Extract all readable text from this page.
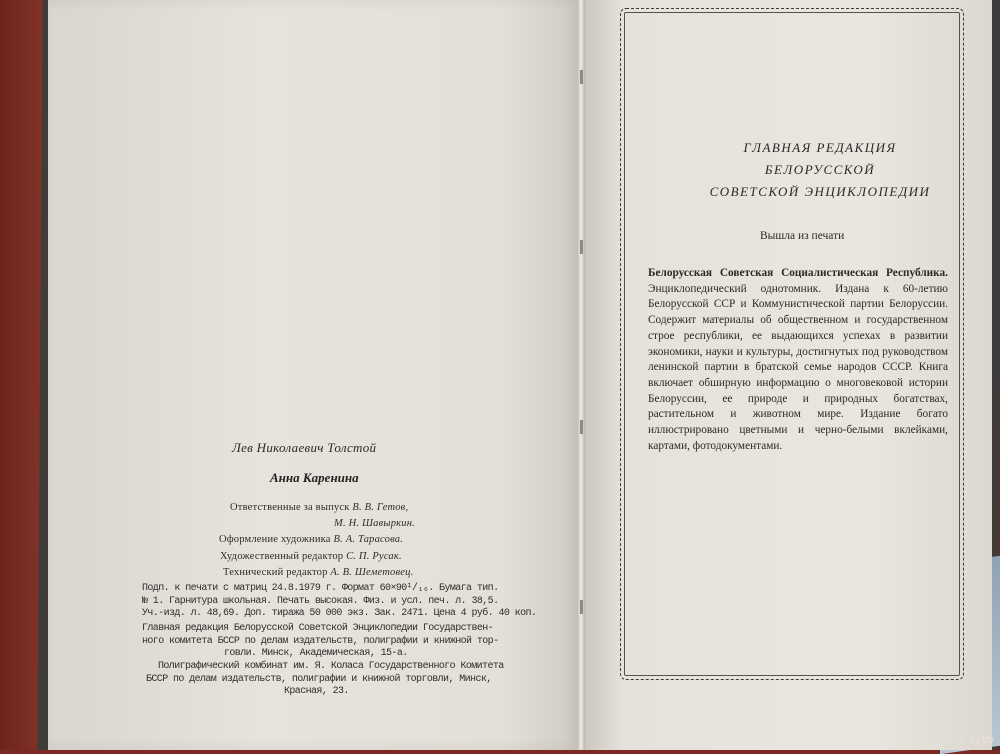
Лев Николаевич Толстой
Анна Каренина
Ответственные за выпуск В. В. Гетов,
М. Н. Шавыркин.
Оформление художника В. А. Тарасова.
Художественный редактор С. П. Русак.
Технический редактор А. В. Шеметовец.
Подп. к печати с матриц 24.8.1979 г. Формат 60×90¹/₁₆. Бумага тип.
№ 1. Гарнитура школьная. Печать высокая. Физ. и усл. печ. л. 38,5.
Уч.-изд. л. 48,69. Доп. тиража 50 000 экз. Зак. 2471. Цена 4 руб. 40 коп.
Главная редакция Белорусской Советской Энциклопедии Государствен-
ного комитета БССР по делам издательств, полиграфии и книжной тор-
говли. Минск, Академическая, 15-а.
Полиграфический комбинат им. Я. Коласа Государственного Комитета
БССР по делам издательств, полиграфии и книжной торговли, Минск,
Красная, 23.
ГЛАВНАЯ РЕДАКЦИЯ
БЕЛОРУССКОЙ
СОВЕТСКОЙ ЭНЦИКЛОПЕДИИ
Вышла из печати
Белорусская Советская Социалистическая Республика. Энциклопедический однотомник. Издана к 60-летию Белорусской ССР и Коммунистической партии Белоруссии. Содержит материалы об общественном и государственном строе республики, ее выдающихся успехах в развитии экономики, науки и культуры, достигнутых под руководством ленинской партии в братской семье народов СССР. Книга включает обширную информацию о многовековой истории Белоруссии, ее природе и природных богатствах, растительном и животном мире. Издание богато иллюстрировано цветными и черно-белыми вклейками, картами, фотодокументами.
© ay.by
